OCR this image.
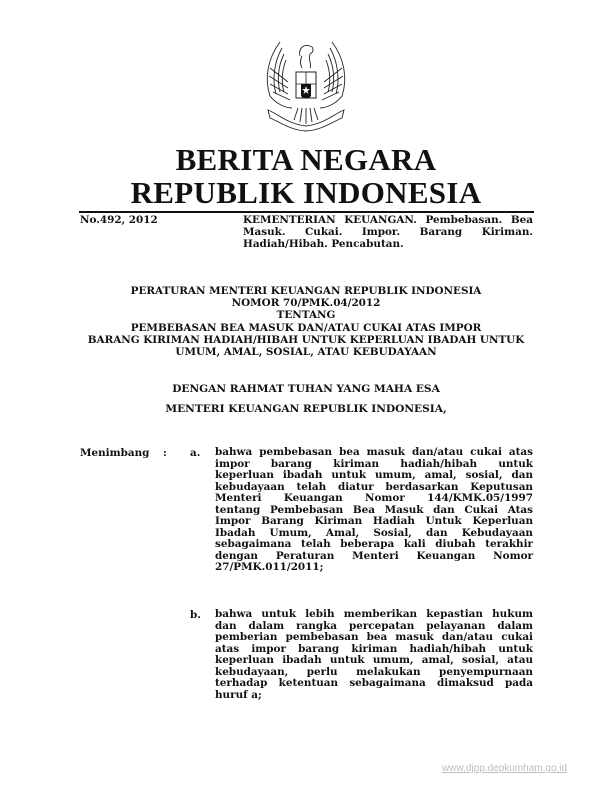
BERITA NEGARA
REPUBLIK INDONESIA
No.492, 2012	KEMENTERIAN KEUANGAN. Pembebasan. Bea
Masuk. Cukai. Impor. Barang Kiriman.
Hadiah/Hibah. Pencabutan.
PERATURAN MENTERI KEUANGAN REPUBLIK INDONESIA
NOMOR 70/PMK.04/2012
TENTANG
PEMBEBASAN BEA MASUK DAN/ATAU CUKAI ATAS IMPOR
BARANG KIRIMAN HADIAH/HIBAH UNTUK KEPERLUAN IBADAH UNTUK
UMUM, AMAL, SOSIAL, ATAU KEBUDAYAAN
DENGAN RAHMAT TUHAN YANG MAHA ESA
MENTERI KEUANGAN REPUBLIK INDONESIA,
Menimbang : a. bahwa pembebasan bea masuk dan/atau cukai atas
impor barang kiriman hadiah/hibah untuk
keperluan ibadah untuk umum, amal, sosial, dan
kebudayaan telah diatur berdasarkan Keputusan
Menteri Keuangan Nomor 144/KMK.05/1997
tentang Pembebasan Bea Masuk dan Cukai Atas
Impor Barang Kiriman Hadiah Untuk Keperluan
Ibadah Umum, Amal, Sosial, dan Kebudayaan
sebagaimana telah beberapa kali diubah terakhir
dengan Peraturan Menteri Keuangan Nomor
27/PMK.011/2011;
b. bahwa untuk lebih memberikan kepastian hukum
dan dalam rangka percepatan pelayanan dalam
pemberian pembebasan bea masuk dan/atau cukai
atas impor barang kiriman hadiah/hibah untuk
keperluan ibadah untuk umum, amal, sosial, atau
kebudayaan, perlu melakukan penyempurnaan
terhadap ketentuan sebagaimana dimaksud pada
huruf a;
www.djpp.depkumham.go.id
